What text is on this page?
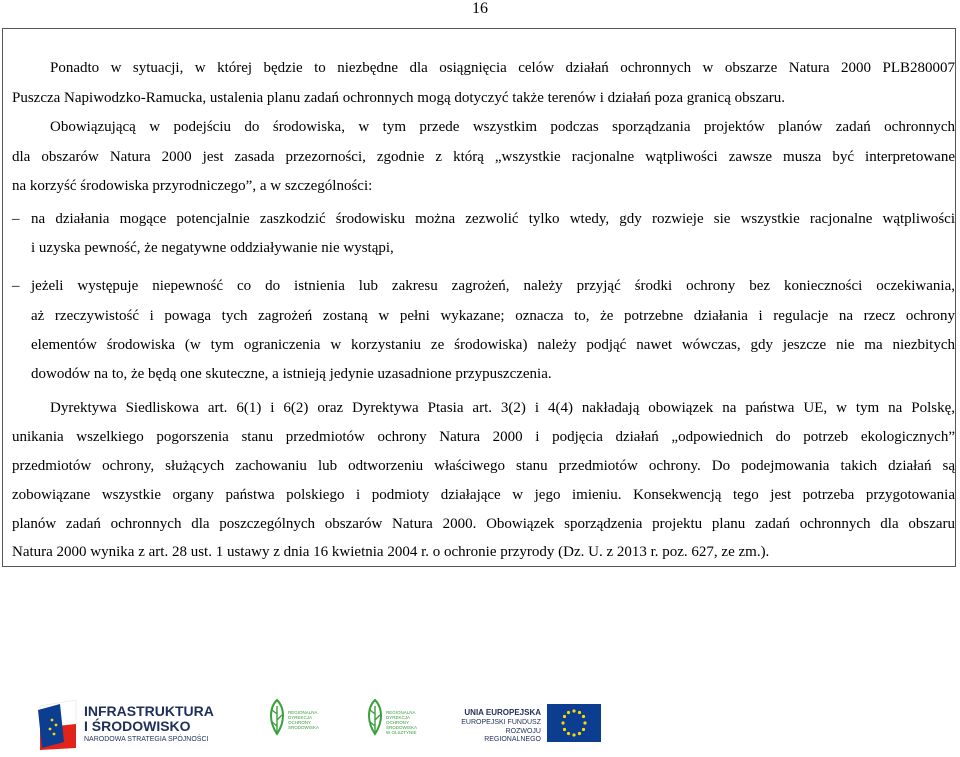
16
Ponadto w sytuacji, w której będzie to niezbędne dla osiągnięcia celów działań ochronnych w obszarze Natura 2000 PLB280007
Puszcza Napiwodzko-Ramucka, ustalenia planu zadań ochronnych mogą dotyczyć także terenów i działań poza granicą obszaru.
Obowiązującą w podejściu do środowiska, w tym przede wszystkim podczas sporządzania projektów planów zadań ochronnych
dla obszarów Natura 2000 jest zasada przezorności, zgodnie z którą „wszystkie racjonalne wątpliwości zawsze musza być interpretowane
na korzyść środowiska przyrodniczego”, a w szczególności:
– na działania mogące potencjalnie zaszkodzić środowisku można zezwolić tylko wtedy, gdy rozwieje sie wszystkie racjonalne wątpliwości
i uzyska pewność, że negatywne oddziaływanie nie wystąpi,
– jeżeli występuje niepewność co do istnienia lub zakresu zagrożeń, należy przyjąć środki ochrony bez konieczności oczekiwania,
aż rzeczywistość i powaga tych zagrożeń zostaną w pełni wykazane; oznacza to, że potrzebne działania i regulacje na rzecz ochrony
elementów środowiska (w tym ograniczenia w korzystaniu ze środowiska) należy podjąć nawet wówczas, gdy jeszcze nie ma niezbitych
dowodów na to, że będą one skuteczne, a istnieją jedynie uzasadnione przypuszczenia.
Dyrektywa Siedliskowa art. 6(1) i 6(2) oraz Dyrektywa Ptasia art. 3(2) i 4(4) nakładają obowiązek na państwa UE, w tym na Polskę,
unikania wszelkiego pogorszenia stanu przedmiotów ochrony Natura 2000 i podjęcia działań „odpowiednich do potrzeb ekologicznych”
przedmiotów ochrony, służących zachowaniu lub odtworzeniu właściwego stanu przedmiotów ochrony. Do podejmowania takich działań są
zobowiązane wszystkie organy państwa polskiego i podmioty działające w jego imieniu. Konsekwencją tego jest potrzeba przygotowania
planów zadań ochronnych dla poszczególnych obszarów Natura 2000. Obowiązek sporządzenia projektu planu zadań ochronnych dla obszaru
Natura 2000 wynika z art. 28 ust. 1 ustawy z dnia 16 kwietnia 2004 r. o ochronie przyrody (Dz. U. z 2013 r. poz. 627, ze zm.).
INFRASTRUKTURA
I ŚRODOWISKO
NARODOWA STRATEGIA SPÓJNOŚCI
REGIONALNA DYREKCJA OCHRONY ŚRODOWISKA
REGIONALNA DYREKCJA OCHRONY ŚRODOWISKA W OLSZTYNIE
UNIA EUROPEJSKA
EUROPEJSKI FUNDUSZ
ROZWOJU REGIONALNEGO
